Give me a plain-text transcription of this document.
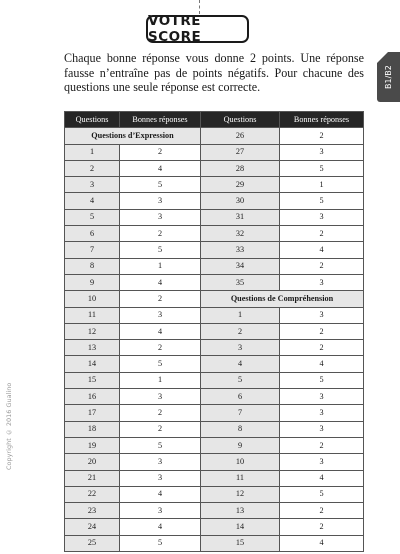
VOTRE SCORE
Chaque bonne réponse vous donne 2 points. Une réponse fausse n’entraîne pas de points négatifs. Pour chacune des questions une seule réponse est correcte.	B1/B2
Copyright © 2016 Gualino
Questions	Bonnes réponses	Questions	Bonnes réponses
Questions d’Expression		26	2
1	2	27	3
2	4	28	5
3	5	29	1
4	3	30	5
5	3	31	3
6	2	32	2
7	5	33	4
8	1	34	2
9	4	35	3
10	2	Questions de Compréhension	
11	3	1	3
12	4	2	2
13	2	3	2
14	5	4	4
15	1	5	5
16	3	6	3
17	2	7	3
18	2	8	3
19	5	9	2
20	3	10	3
21	3	11	4
22	4	12	5
23	3	13	2
24	4	14	2
25	5	15	4
